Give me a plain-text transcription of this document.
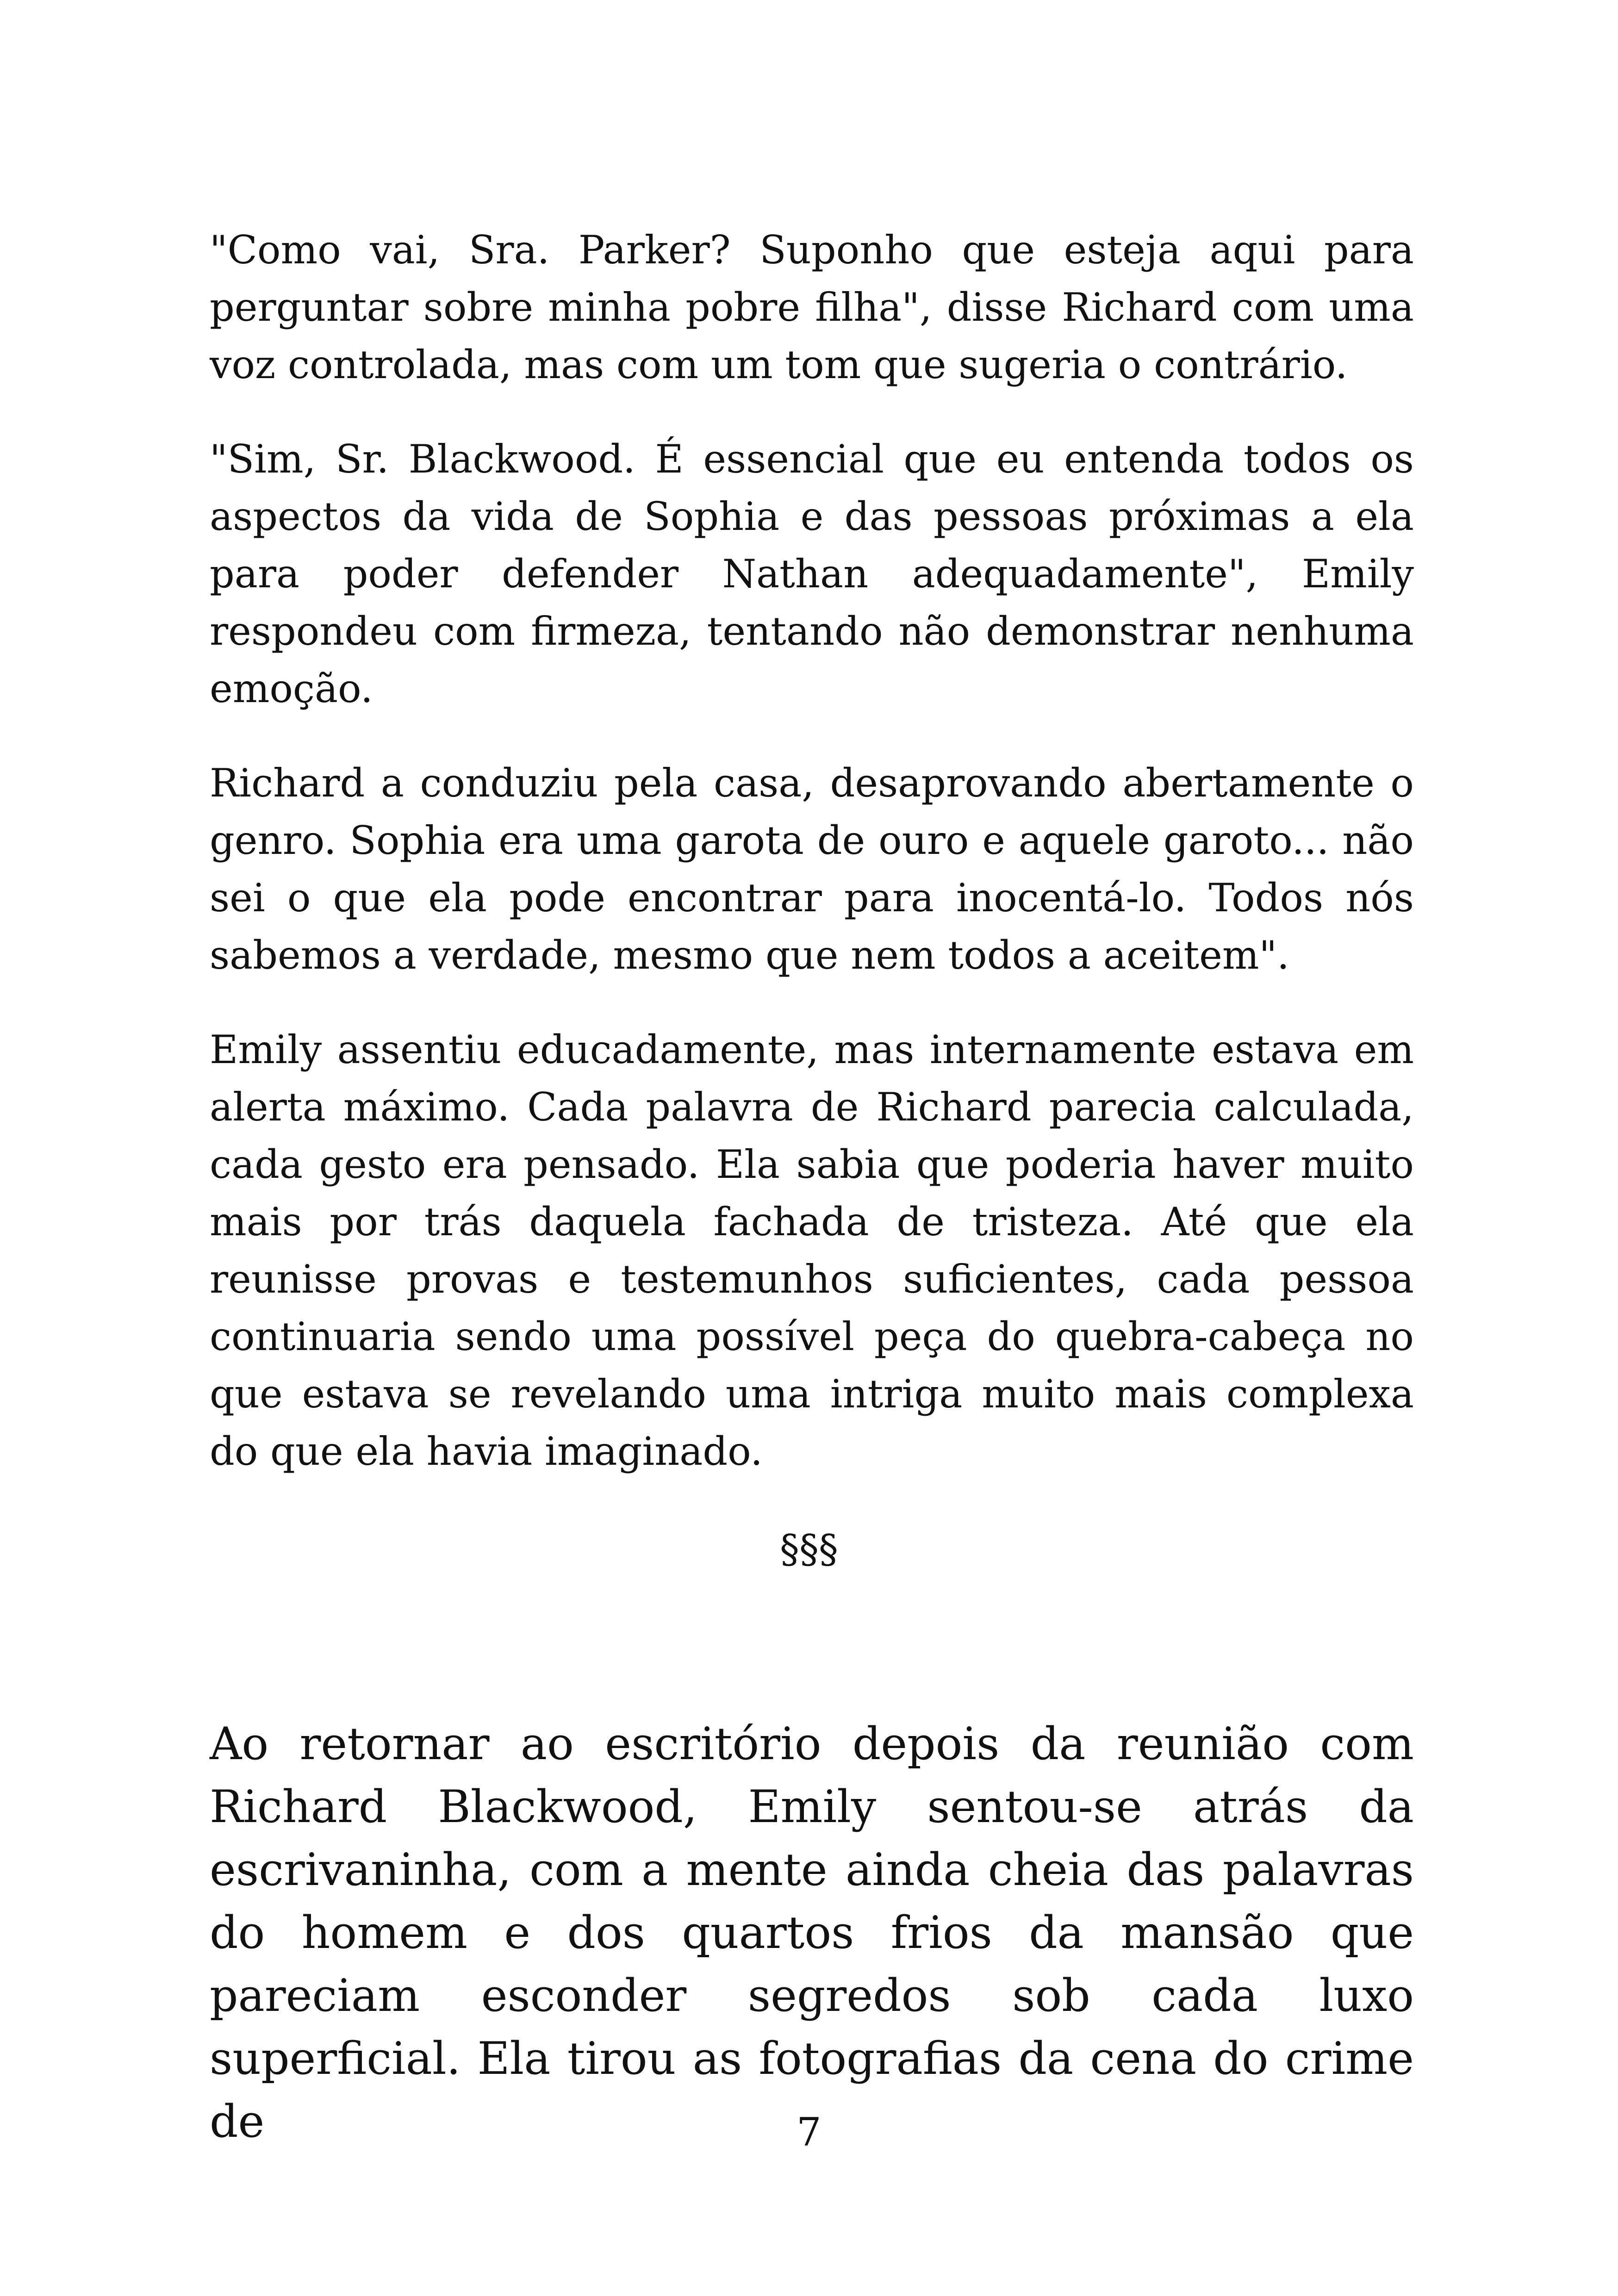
"Como vai, Sra. Parker? Suponho que esteja aqui para perguntar sobre minha pobre filha", disse Richard com uma voz controlada, mas com um tom que sugeria o contrário.

"Sim, Sr. Blackwood. É essencial que eu entenda todos os aspectos da vida de Sophia e das pessoas próximas a ela para poder defender Nathan adequadamente", Emily respondeu com firmeza, tentando não demonstrar nenhuma emoção.

Richard a conduziu pela casa, desaprovando abertamente o genro. Sophia era uma garota de ouro e aquele garoto... não sei o que ela pode encontrar para inocentá-lo. Todos nós sabemos a verdade, mesmo que nem todos a aceitem".

Emily assentiu educadamente, mas internamente estava em alerta máximo. Cada palavra de Richard parecia calculada, cada gesto era pensado. Ela sabia que poderia haver muito mais por trás daquela fachada de tristeza. Até que ela reunisse provas e testemunhos suficientes, cada pessoa continuaria sendo uma possível peça do quebra-cabeça no que estava se revelando uma intriga muito mais complexa do que ela havia imaginado.

§§§

Ao retornar ao escritório depois da reunião com Richard Blackwood, Emily sentou-se atrás da escrivaninha, com a mente ainda cheia das palavras do homem e dos quartos frios da mansão que pareciam esconder segredos sob cada luxo superficial. Ela tirou as fotografias da cena do crime de	7
